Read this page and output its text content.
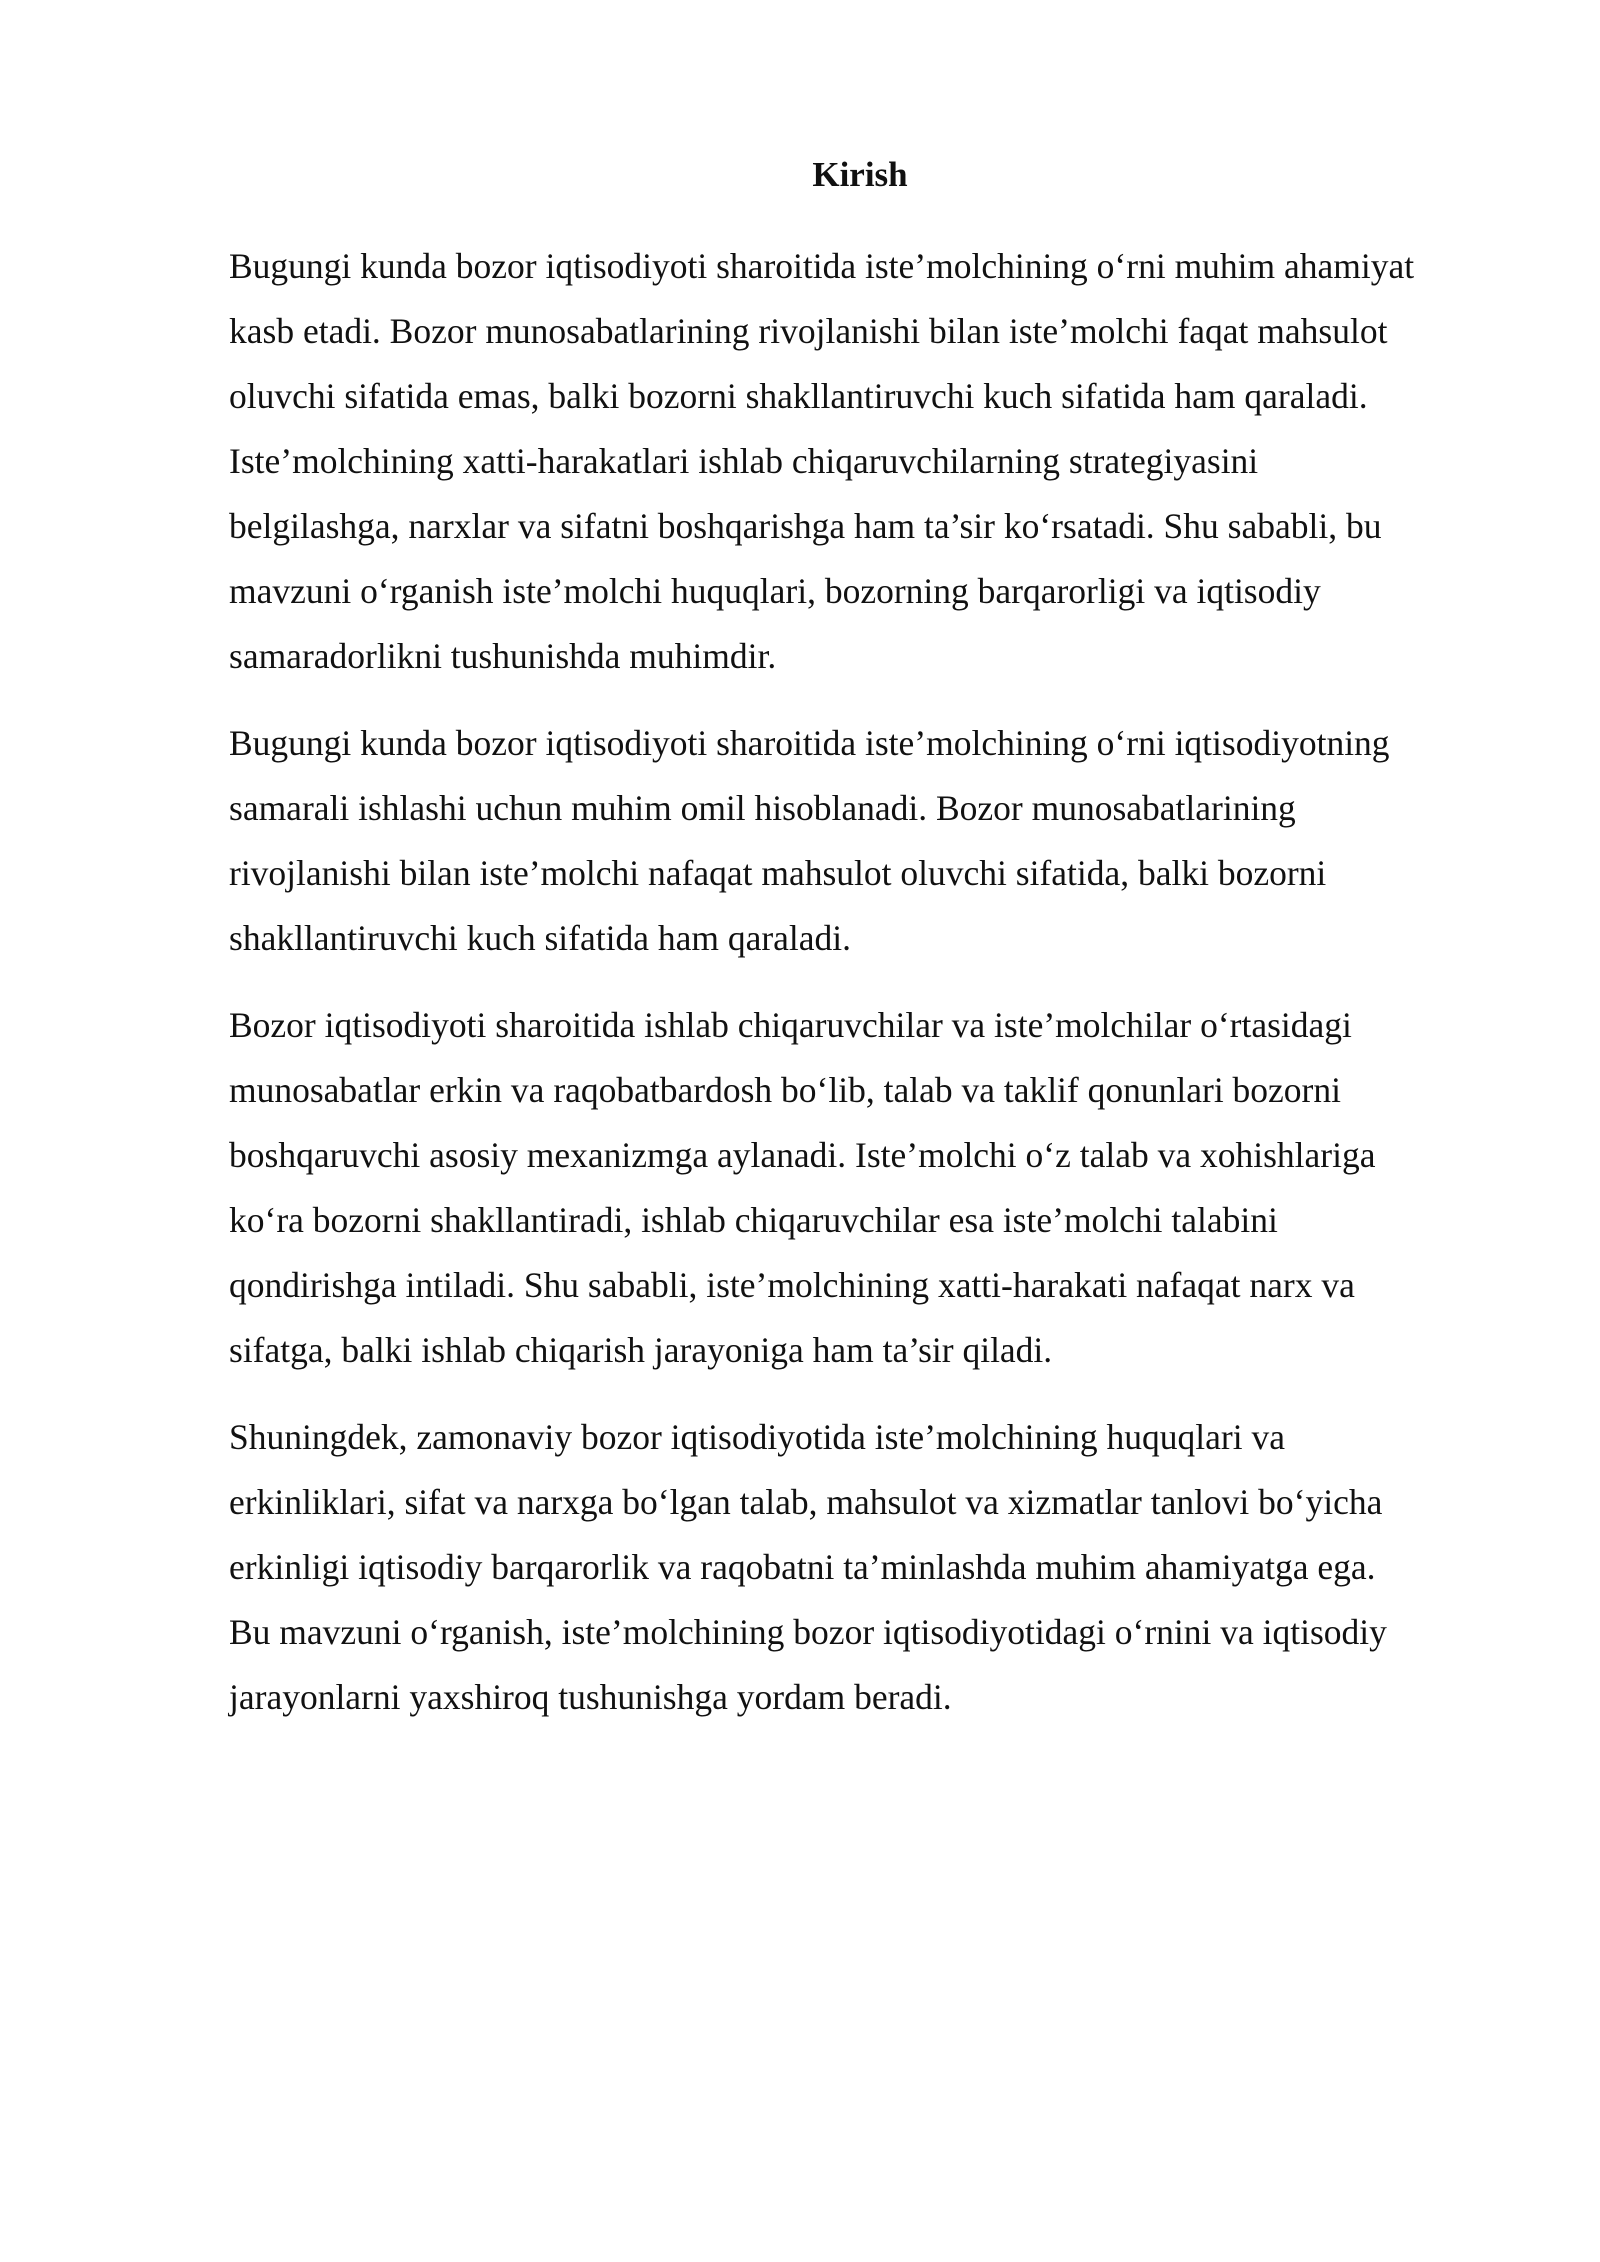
Kirish
Bugungi kunda bozor iqtisodiyoti sharoitida iste’molchining o‘rni muhim ahamiyat
kasb etadi. Bozor munosabatlarining rivojlanishi bilan iste’molchi faqat mahsulot
oluvchi sifatida emas, balki bozorni shakllantiruvchi kuch sifatida ham qaraladi.
Iste’molchining xatti-harakatlari ishlab chiqaruvchilarning strategiyasini
belgilashga, narxlar va sifatni boshqarishga ham ta’sir ko‘rsatadi. Shu sababli, bu
mavzuni o‘rganish iste’molchi huquqlari, bozorning barqarorligi va iqtisodiy
samaradorlikni tushunishda muhimdir.
Bugungi kunda bozor iqtisodiyoti sharoitida iste’molchining o‘rni iqtisodiyotning
samarali ishlashi uchun muhim omil hisoblanadi. Bozor munosabatlarining
rivojlanishi bilan iste’molchi nafaqat mahsulot oluvchi sifatida, balki bozorni
shakllantiruvchi kuch sifatida ham qaraladi.
Bozor iqtisodiyoti sharoitida ishlab chiqaruvchilar va iste’molchilar o‘rtasidagi
munosabatlar erkin va raqobatbardosh bo‘lib, talab va taklif qonunlari bozorni
boshqaruvchi asosiy mexanizmga aylanadi. Iste’molchi o‘z talab va xohishlariga
ko‘ra bozorni shakllantiradi, ishlab chiqaruvchilar esa iste’molchi talabini
qondirishga intiladi. Shu sababli, iste’molchining xatti-harakati nafaqat narx va
sifatga, balki ishlab chiqarish jarayoniga ham ta’sir qiladi.
Shuningdek, zamonaviy bozor iqtisodiyotida iste’molchining huquqlari va
erkinliklari, sifat va narxga bo‘lgan talab, mahsulot va xizmatlar tanlovi bo‘yicha
erkinligi iqtisodiy barqarorlik va raqobatni ta’minlashda muhim ahamiyatga ega.
Bu mavzuni o‘rganish, iste’molchining bozor iqtisodiyotidagi o‘rnini va iqtisodiy
jarayonlarni yaxshiroq tushunishga yordam beradi.
